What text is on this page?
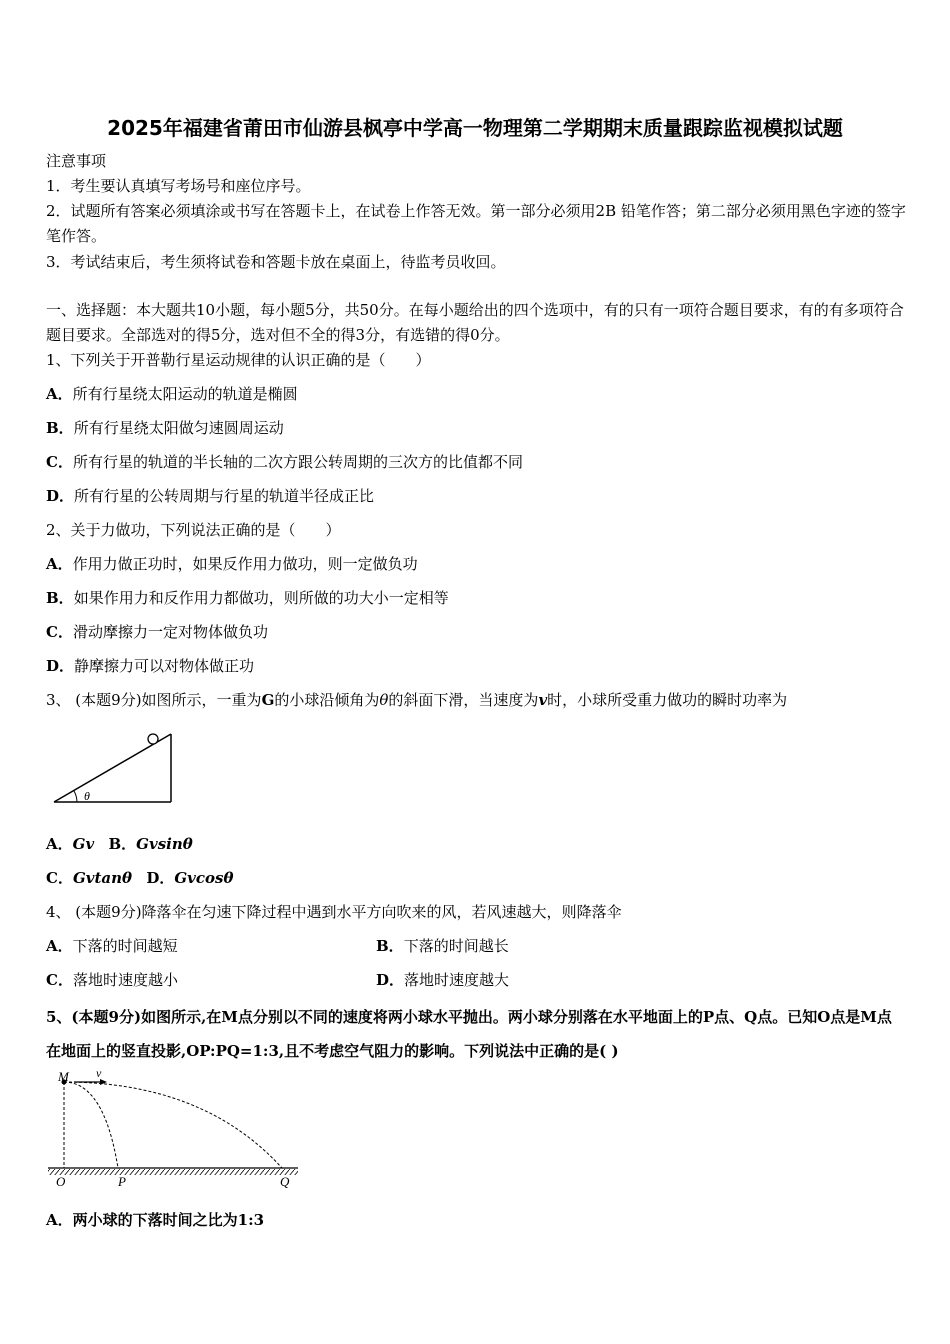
2025年福建省莆田市仙游县枫亭中学高一物理第二学期期末质量跟踪监视模拟试题
注意事项
1．考生要认真填写考场号和座位序号。
2．试题所有答案必须填涂或书写在答题卡上，在试卷上作答无效。第一部分必须用2B 铅笔作答；第二部分必须用黑色字迹的签字笔作答。
3．考试结束后，考生须将试卷和答题卡放在桌面上，待监考员收回。
一、选择题：本大题共10小题，每小题5分，共50分。在每小题给出的四个选项中，有的只有一项符合题目要求，有的有多项符合题目要求。全部选对的得5分，选对但不全的得3分，有选错的得0分。
1、下列关于开普勒行星运动规律的认识正确的是（　　）
A．所有行星绕太阳运动的轨道是椭圆
B．所有行星绕太阳做匀速圆周运动
C．所有行星的轨道的半长轴的二次方跟公转周期的三次方的比值都不同
D．所有行星的公转周期与行星的轨道半径成正比
2、关于力做功，下列说法正确的是（　　）
A．作用力做正功时，如果反作用力做功，则一定做负功
B．如果作用力和反作用力都做功，则所做的功大小一定相等
C．滑动摩擦力一定对物体做负功
D．静摩擦力可以对物体做正功
3、 (本题9分)如图所示，一重为G的小球沿倾角为θ的斜面下滑，当速度为v时，小球所受重力做功的瞬时功率为
θ
A．Gv B．Gvsinθ
C．Gvtanθ D．Gvcosθ
4、 (本题9分)降落伞在匀速下降过程中遇到水平方向吹来的风，若风速越大，则降落伞
A．下落的时间越短	B．下落的时间越长
C．落地时速度越小	D．落地时速度越大
5、(本题9分)如图所示,在M点分别以不同的速度将两小球水平抛出。两小球分别落在水平地面上的P点、Q点。已知O点是M点在地面上的竖直投影,OP:PQ=1:3,且不考虑空气阻力的影响。下列说法中正确的是( )
M v
O	P	Q
A．两小球的下落时间之比为1:3
